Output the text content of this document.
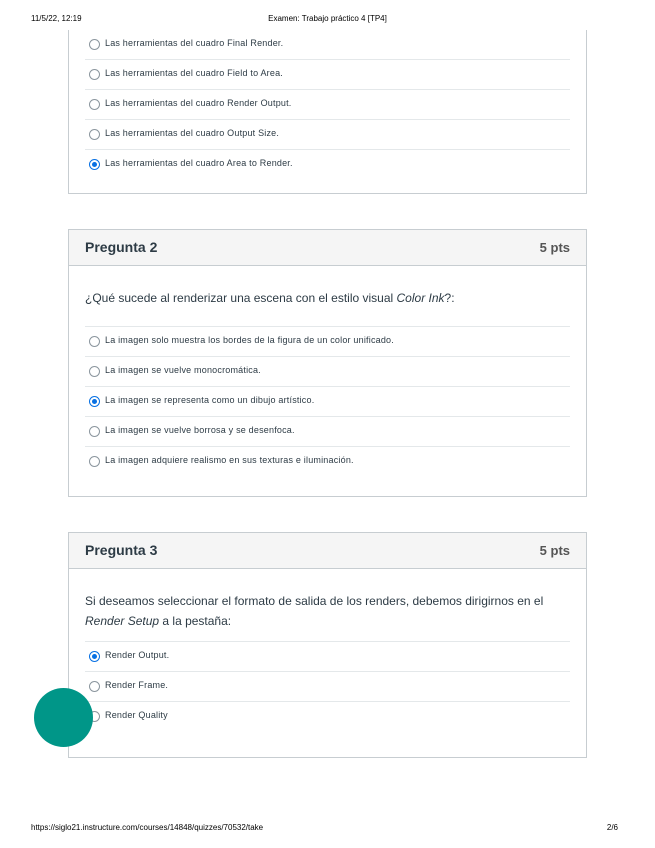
11/5/22, 12:19	Examen: Trabajo práctico 4 [TP4]
Las herramientas del cuadro Final Render.
Las herramientas del cuadro Field to Area.
Las herramientas del cuadro Render Output.
Las herramientas del cuadro Output Size.
Las herramientas del cuadro Area to Render.
Pregunta 2	5 pts
¿Qué sucede al renderizar una escena con el estilo visual Color Ink?:
La imagen solo muestra los bordes de la figura de un color unificado.
La imagen se vuelve monocromática.
La imagen se representa como un dibujo artístico.
La imagen se vuelve borrosa y se desenfoca.
La imagen adquiere realismo en sus texturas e iluminación.
Pregunta 3	5 pts
Si deseamos seleccionar el formato de salida de los renders, debemos dirigirnos en el Render Setup a la pestaña:
Render Output.
Render Frame.
Render Quality
https://siglo21.instructure.com/courses/14848/quizzes/70532/take	2/6
